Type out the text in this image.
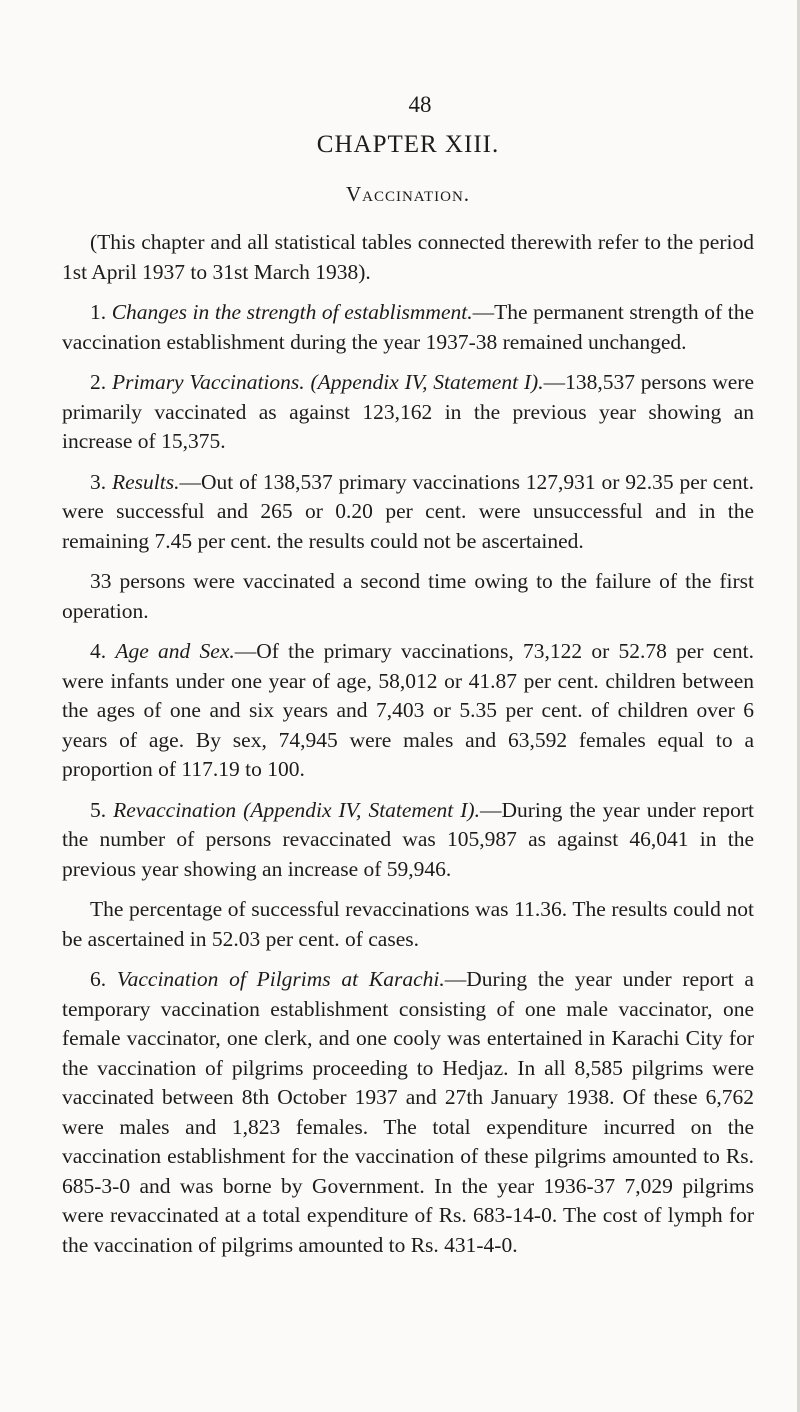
48
CHAPTER XIII.
Vaccination.

(This chapter and all statistical tables connected therewith refer to the period 1st April 1937 to 31st March 1938).

1. Changes in the strength of establismment.—The permanent strength of the vaccination establishment during the year 1937-38 remained unchanged.

2. Primary Vaccinations. (Appendix IV, Statement I).—138,537 persons were primarily vaccinated as against 123,162 in the previous year showing an increase of 15,375.

3. Results.—Out of 138,537 primary vaccinations 127,931 or 92.35 per cent. were successful and 265 or 0.20 per cent. were unsuccessful and in the remaining 7.45 per cent. the results could not be ascertained.

33 persons were vaccinated a second time owing to the failure of the first operation.

4. Age and Sex.—Of the primary vaccinations, 73,122 or 52.78 per cent. were infants under one year of age, 58,012 or 41.87 per cent. children between the ages of one and six years and 7,403 or 5.35 per cent. of children over 6 years of age. By sex, 74,945 were males and 63,592 females equal to a proportion of 117.19 to 100.

5. Revaccination (Appendix IV, Statement I).—During the year under report the number of persons revaccinated was 105,987 as against 46,041 in the previous year showing an increase of 59,946.

The percentage of successful revaccinations was 11.36. The results could not be ascertained in 52.03 per cent. of cases.

6. Vaccination of Pilgrims at Karachi.—During the year under report a temporary vaccination establishment consisting of one male vaccinator, one female vaccinator, one clerk, and one cooly was entertained in Karachi City for the vaccination of pilgrims proceeding to Hedjaz. In all 8,585 pilgrims were vaccinated between 8th October 1937 and 27th January 1938. Of these 6,762 were males and 1,823 females. The total expenditure incurred on the vaccination establishment for the vaccination of these pilgrims amounted to Rs. 685-3-0 and was borne by Government. In the year 1936-37 7,029 pilgrims were revaccinated at a total expenditure of Rs. 683-14-0. The cost of lymph for the vaccination of pilgrims amounted to Rs. 431-4-0.
